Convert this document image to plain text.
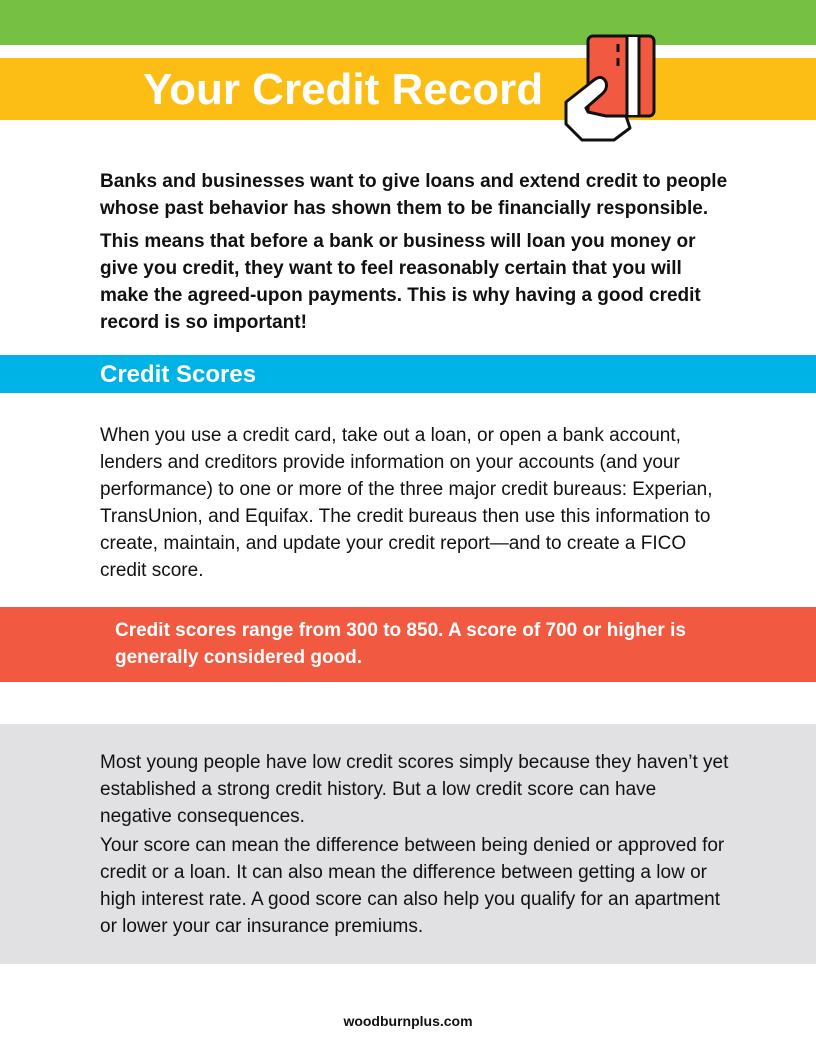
Your Credit Record

Banks and businesses want to give loans and extend credit to people whose past behavior has shown them to be financially responsible.

This means that before a bank or business will loan you money or give you credit, they want to feel reasonably certain that you will make the agreed-upon payments. This is why having a good credit record is so important!

Credit Scores
When you use a credit card, take out a loan, or open a bank account, lenders and creditors provide information on your accounts (and your performance) to one or more of the three major credit bureaus: Experian, TransUnion, and Equifax. The credit bureaus then use this information to create, maintain, and update your credit report—and to create a FICO credit score.

Credit scores range from 300 to 850. A score of 700 or higher is generally considered good.

Most young people have low credit scores simply because they haven’t yet established a strong credit history. But a low credit score can have negative consequences.

Your score can mean the difference between being denied or approved for credit or a loan. It can also mean the difference between getting a low or high interest rate. A good score can also help you qualify for an apartment or lower your car insurance premiums.

woodburnplus.com
